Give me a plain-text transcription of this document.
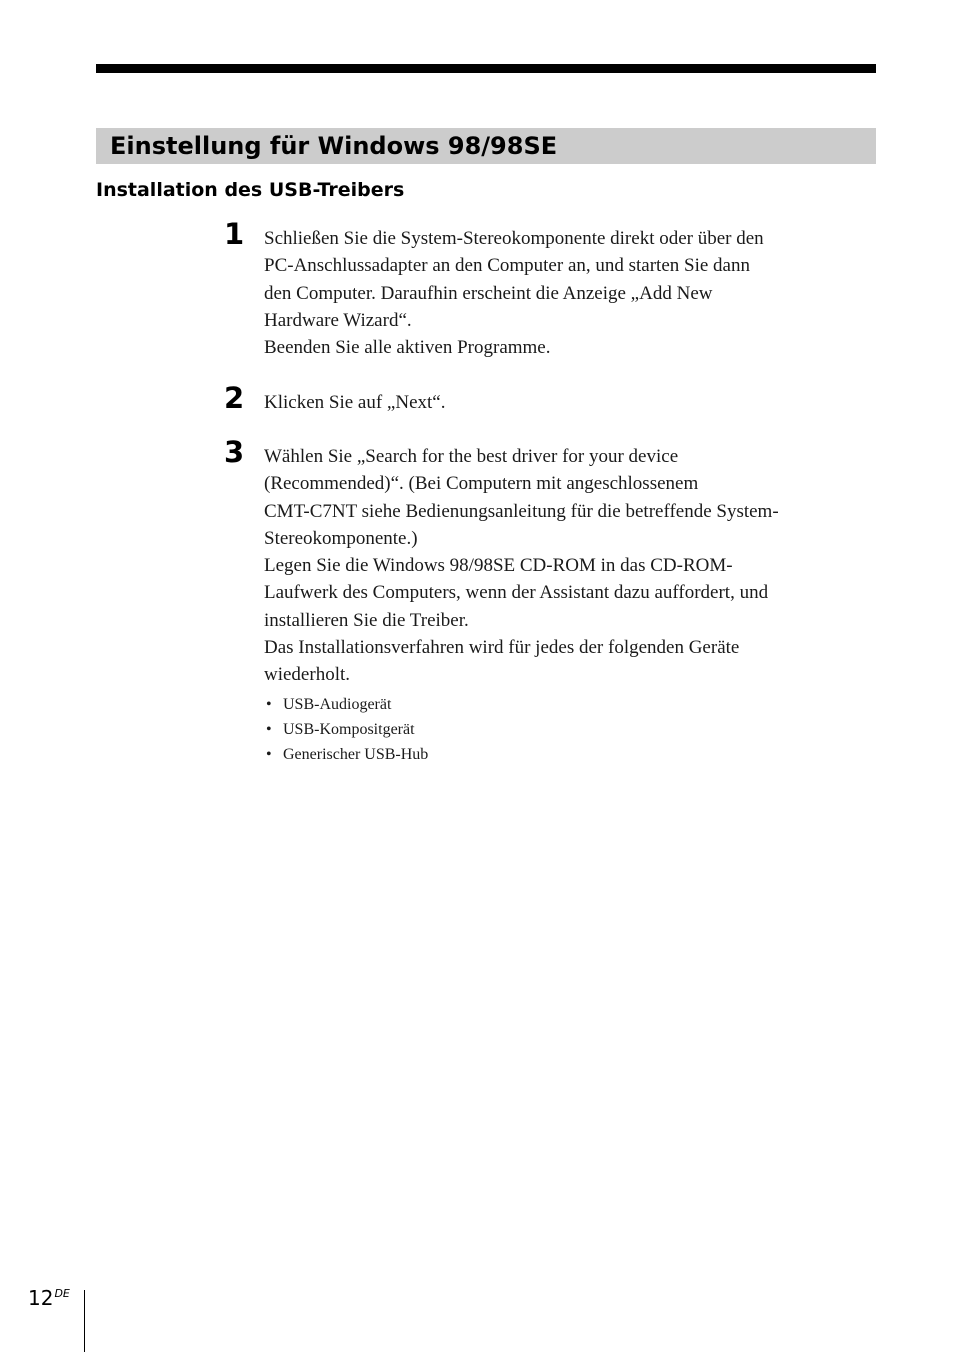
Einstellung für Windows 98/98SE
Installation des USB-Treibers
1	Schließen Sie die System-Stereokomponente direkt oder über den
PC-Anschlussadapter an den Computer an, und starten Sie dann
den Computer. Daraufhin erscheint die Anzeige „Add New
Hardware Wizard“.
Beenden Sie alle aktiven Programme.
2	Klicken Sie auf „Next“.
3	Wählen Sie „Search for the best driver for your device
(Recommended)“. (Bei Computern mit angeschlossenem
CMT-C7NT siehe Bedienungsanleitung für die betreffende System-
Stereokomponente.)
Legen Sie die Windows 98/98SE CD-ROM in das CD-ROM-
Laufwerk des Computers, wenn der Assistant dazu auffordert, und
installieren Sie die Treiber.
Das Installationsverfahren wird für jedes der folgenden Geräte
wiederholt.
• USB-Audiogerät
• USB-Kompositgerät
• Generischer USB-Hub
12DE
